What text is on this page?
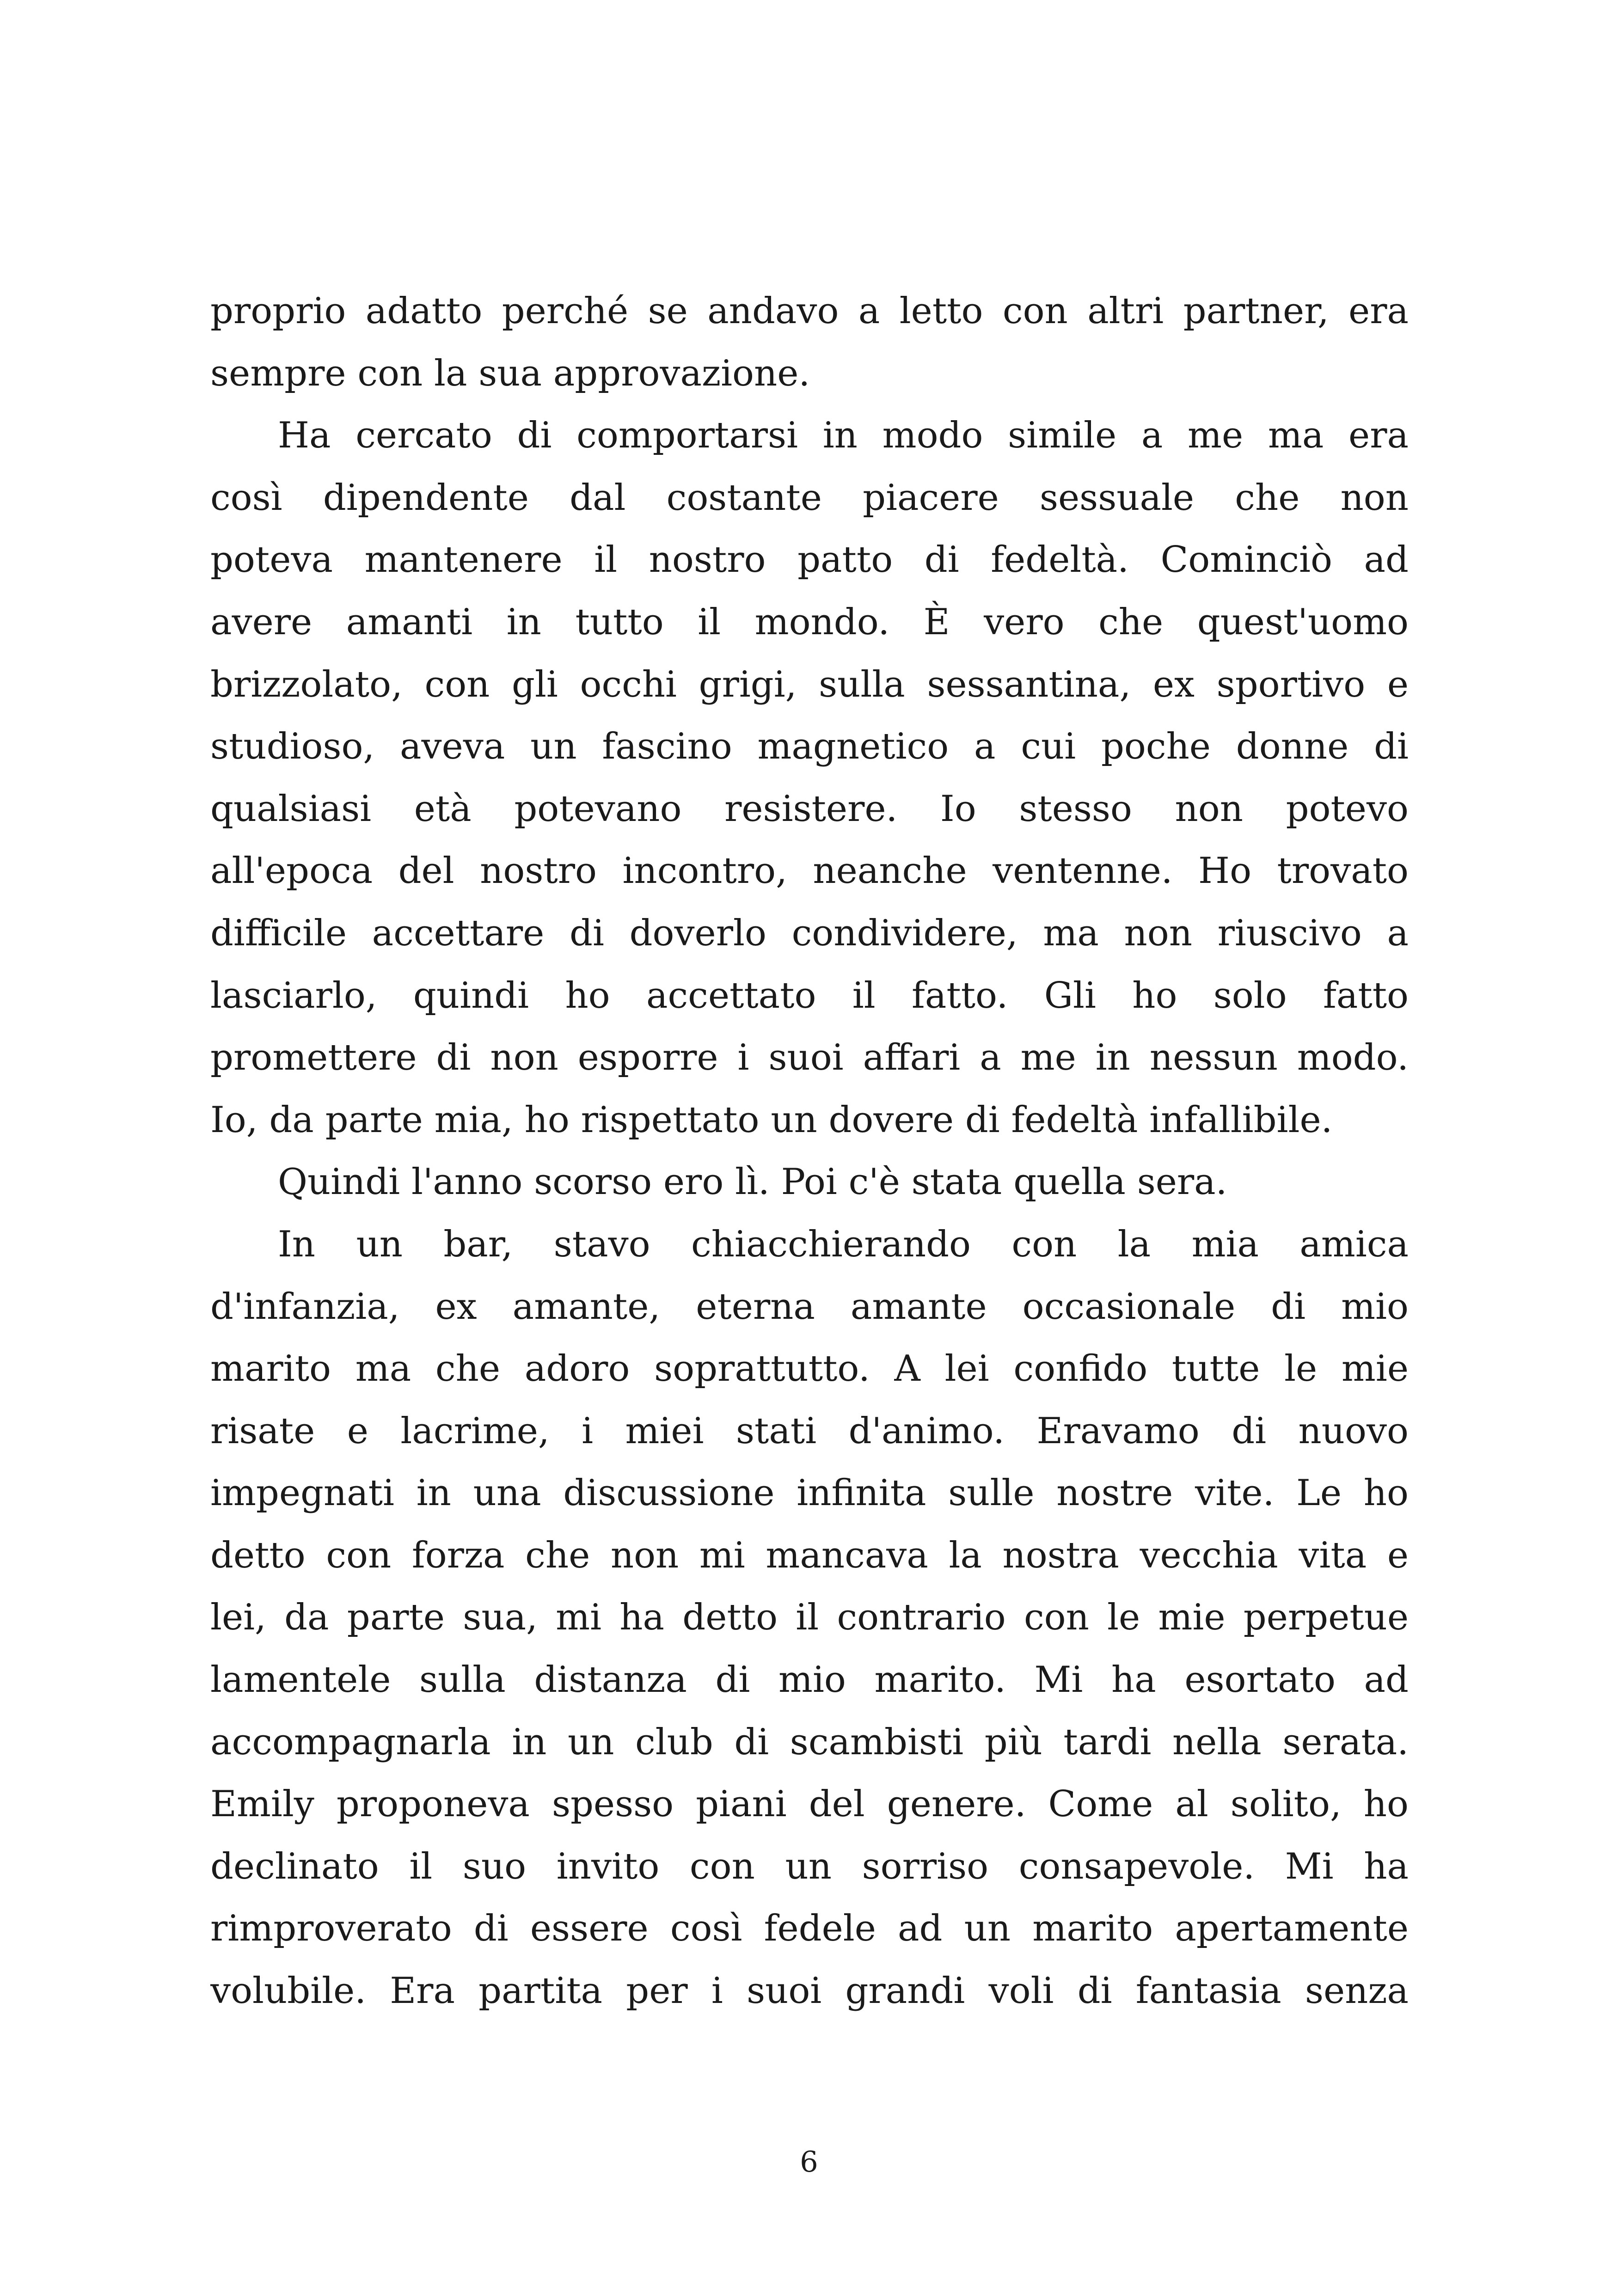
proprio adatto perché se andavo a letto con altri partner, era
sempre con la sua approvazione.
Ha cercato di comportarsi in modo simile a me ma era
così dipendente dal costante piacere sessuale che non
poteva mantenere il nostro patto di fedeltà. Cominciò ad
avere amanti in tutto il mondo. È vero che quest'uomo
brizzolato, con gli occhi grigi, sulla sessantina, ex sportivo e
studioso, aveva un fascino magnetico a cui poche donne di
qualsiasi età potevano resistere. Io stesso non potevo
all'epoca del nostro incontro, neanche ventenne. Ho trovato
difficile accettare di doverlo condividere, ma non riuscivo a
lasciarlo, quindi ho accettato il fatto. Gli ho solo fatto
promettere di non esporre i suoi affari a me in nessun modo.
Io, da parte mia, ho rispettato un dovere di fedeltà infallibile.
Quindi l'anno scorso ero lì. Poi c'è stata quella sera.
In un bar, stavo chiacchierando con la mia amica
d'infanzia, ex amante, eterna amante occasionale di mio
marito ma che adoro soprattutto. A lei confido tutte le mie
risate e lacrime, i miei stati d'animo. Eravamo di nuovo
impegnati in una discussione infinita sulle nostre vite. Le ho
detto con forza che non mi mancava la nostra vecchia vita e
lei, da parte sua, mi ha detto il contrario con le mie perpetue
lamentele sulla distanza di mio marito. Mi ha esortato ad
accompagnarla in un club di scambisti più tardi nella serata.
Emily proponeva spesso piani del genere. Come al solito, ho
declinato il suo invito con un sorriso consapevole. Mi ha
rimproverato di essere così fedele ad un marito apertamente
volubile. Era partita per i suoi grandi voli di fantasia senza
6
